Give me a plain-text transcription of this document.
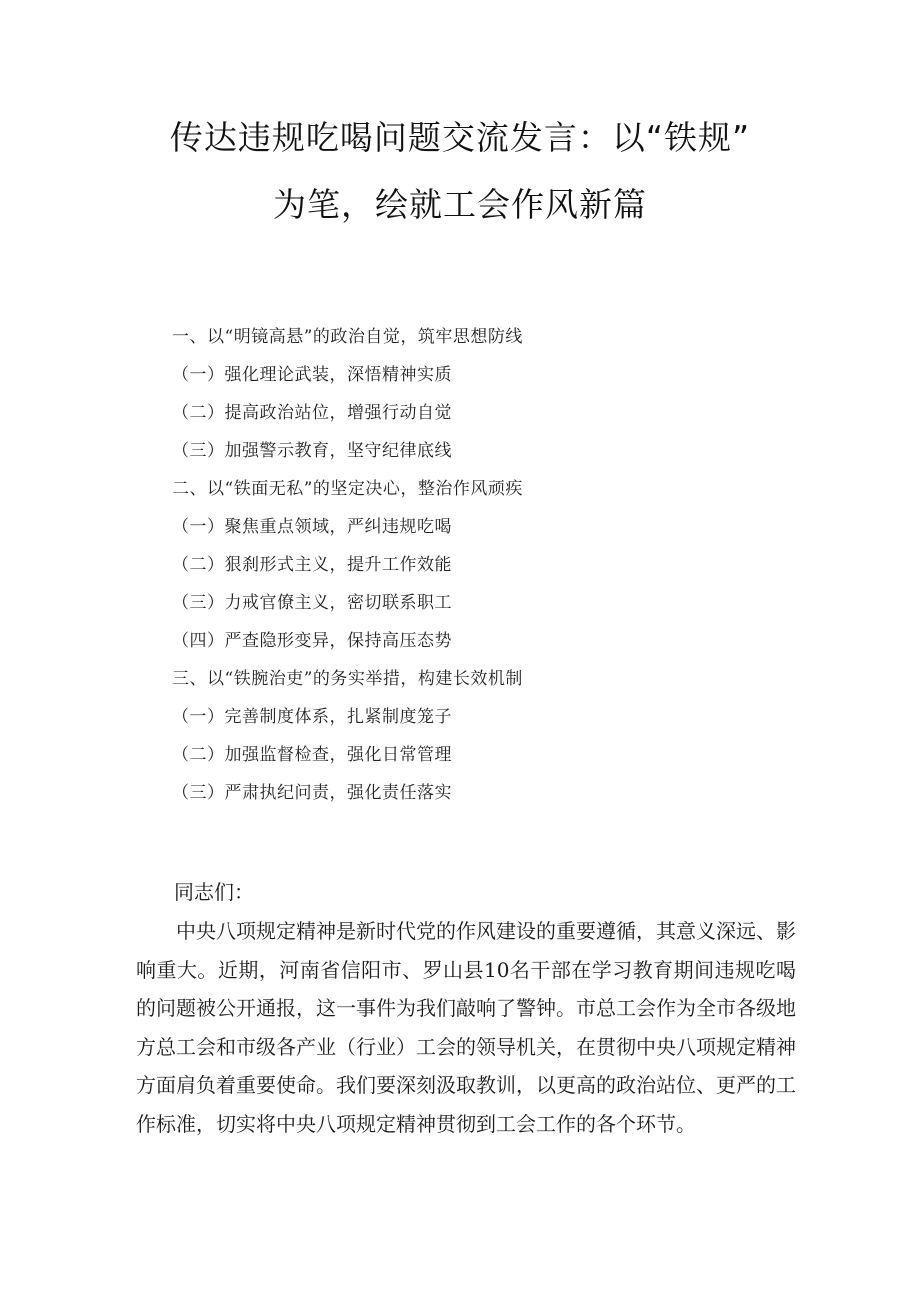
传达违规吃喝问题交流发言：以“铁规”
为笔，绘就工会作风新篇
一、以“明镜高悬”的政治自觉，筑牢思想防线
（一）强化理论武装，深悟精神实质
（二）提高政治站位，增强行动自觉
（三）加强警示教育，坚守纪律底线
二、以“铁面无私”的坚定决心，整治作风顽疾
（一）聚焦重点领域，严纠违规吃喝
（二）狠刹形式主义，提升工作效能
（三）力戒官僚主义，密切联系职工
（四）严查隐形变异，保持高压态势
三、以“铁腕治吏”的务实举措，构建长效机制
（一）完善制度体系，扎紧制度笼子
（二）加强监督检查，强化日常管理
（三）严肃执纪问责，强化责任落实
同志们：

中央八项规定精神是新时代党的作风建设的重要遵循，其意义深远、影响重大。近期，河南省信阳市、罗山县10名干部在学习教育期间违规吃喝的问题被公开通报，这一事件为我们敲响了警钟。市总工会作为全市各级地方总工会和市级各产业（行业）工会的领导机关，在贯彻中央八项规定精神方面肩负着重要使命。我们要深刻汲取教训，以更高的政治站位、更严的工作标准，切实将中央八项规定精神贯彻到工会工作的各个环节。
